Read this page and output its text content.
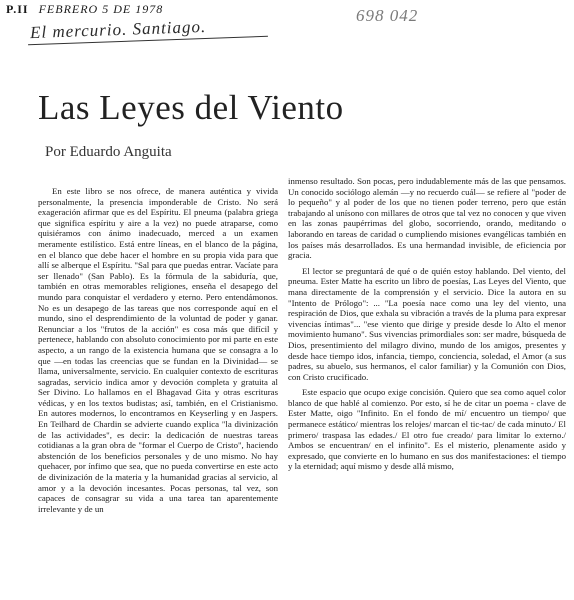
P.II FEBRERO 5 DE 1978
El mercurio. Santiago.
698 042
Las Leyes del Viento
Por Eduardo Anguita

En este libro se nos ofrece, de manera auténtica y vivida personalmente, la presencia imponderable de Cristo. No será exageración afirmar que es del Espíritu. El pneuma (palabra griega que significa espíritu y aire a la vez) no puede atraparse, como quisiéramos con ánimo inadecuado, merced a un examen meramente estilístico. Está entre líneas, en el blanco de la página, en el blanco que debe hacer el hombre en su propia vida para que allí se alberque el Espíritu. "Sal para que puedas entrar. Vacíate para ser llenado" (San Pablo). Es la fórmula de la sabiduría, que, también en otras memorables religiones, enseña el desapego del mundo para conquistar el verdadero y eterno. Pero entendámonos. No es un desapego de las tareas que nos corresponde aquí en el mundo, sino el desprendimiento de la voluntad de poder y ganar. Renunciar a los "frutos de la acción" es cosa más que difícil y pertenece, hablando con absoluto conocimiento por mi parte en este aspecto, a un rango de la existencia humana que se consagra a lo que —en todas las creencias que se fundan en la Divinidad— se llama, universalmente, servicio. En cualquier contexto de escrituras sagradas, servicio indica amor y devoción completa y gratuita al Ser Divino. Lo hallamos en el Bhagavad Gita y otras escrituras védicas, y en los textos budistas; así, también, en el Cristianismo. En autores modernos, lo encontramos en Keyserling y en Jaspers. En Teilhard de Chardin se advierte cuando explica "la divinización de las actividades", es decir: la dedicación de nuestras tareas cotidianas a la gran obra de "formar el Cuerpo de Cristo", haciendo abstención de los beneficios personales y de uno mismo. No hay quehacer, por ínfimo que sea, que no pueda convertirse en este acto de divinización de la materia y la humanidad gracias al servicio, al amor y a la devoción incesantes. Pocas personas, tal vez, son capaces de consagrar su vida a una tarea tan aparentemente irrelevante y de un

inmenso resultado. Son pocas, pero indudablemente más de las que pensamos. Un conocido sociólogo alemán —y no recuerdo cuál— se refiere al "poder de lo pequeño" y al poder de los que no tienen poder terreno, pero que están trabajando al unísono con millares de otros que tal vez no conocen y que viven en las zonas paupérrimas del globo, socorriendo, orando, meditando o laborando en tareas de caridad o cumpliendo misiones evangélicas también en los países más desarrollados. Es una hermandad invisible, de eficiencia por gracia.

El lector se preguntará de qué o de quién estoy hablando. Del viento, del pneuma. Ester Matte ha escrito un libro de poesías, Las Leyes del Viento, que mana directamente de la comprensión y el servicio. Dice la autora en su "Intento de Prólogo": ... "La poesía nace como una ley del viento, una respiración de Dios, que exhala su vibración a través de la pluma para expresar vivencias íntimas"... "ese viento que dirige y preside desde lo Alto el menor movimiento humano". Sus vivencias primordiales son: ser madre, búsqueda de Dios, presentimiento del milagro divino, mundo de los amigos, presentes y desde hace tiempo idos, infancia, tiempo, conciencia, soledad, el Amor (a sus padres, su abuelo, sus hermanos, el calor familiar) y la Comunión con Dios, con Cristo crucificado.

Este espacio que ocupo exige concisión. Quiero que sea como aquel color blanco de que hablé al comienzo. Por esto, sí he de citar un poema - clave de Ester Matte, oigo "Infinito. En el fondo de mí/ encuentro un tiempo/ que permanece estático/ mientras los relojes/ marcan el tic-tac/ de cada minuto./ El primero/ traspasa las edades./ El otro fue creado/ para limitar lo externo./ Ambos se encuentran/ en el infinito". Es el misterio, plenamente asido y expresado, que convierte en lo humano en sus dos manifestaciones: el tiempo y la eternidad; aquí mismo y desde allá mismo,
